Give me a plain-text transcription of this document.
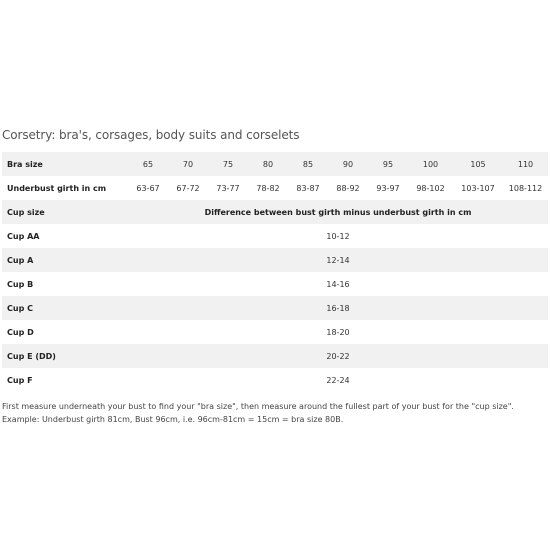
Corsetry: bra's, corsages, body suits and corselets
Bra size	65	70	75	80	85	90	95	100	105	110
Underbust girth in cm	63-67	67-72	73-77	78-82	83-87	88-92	93-97	98-102	103-107	108-112
Cup size	Difference between bust girth minus underbust girth in cm									
Cup AA	10-12									
Cup A	12-14									
Cup B	14-16									
Cup C	16-18									
Cup D	18-20									
Cup E (DD)	20-22									
Cup F	22-24									
First measure underneath your bust to find your "bra size", then measure around the fullest part of your bust for the "cup size". Example: Underbust girth 81cm, Bust 96cm, i.e. 96cm-81cm = 15cm = bra size 80B.
